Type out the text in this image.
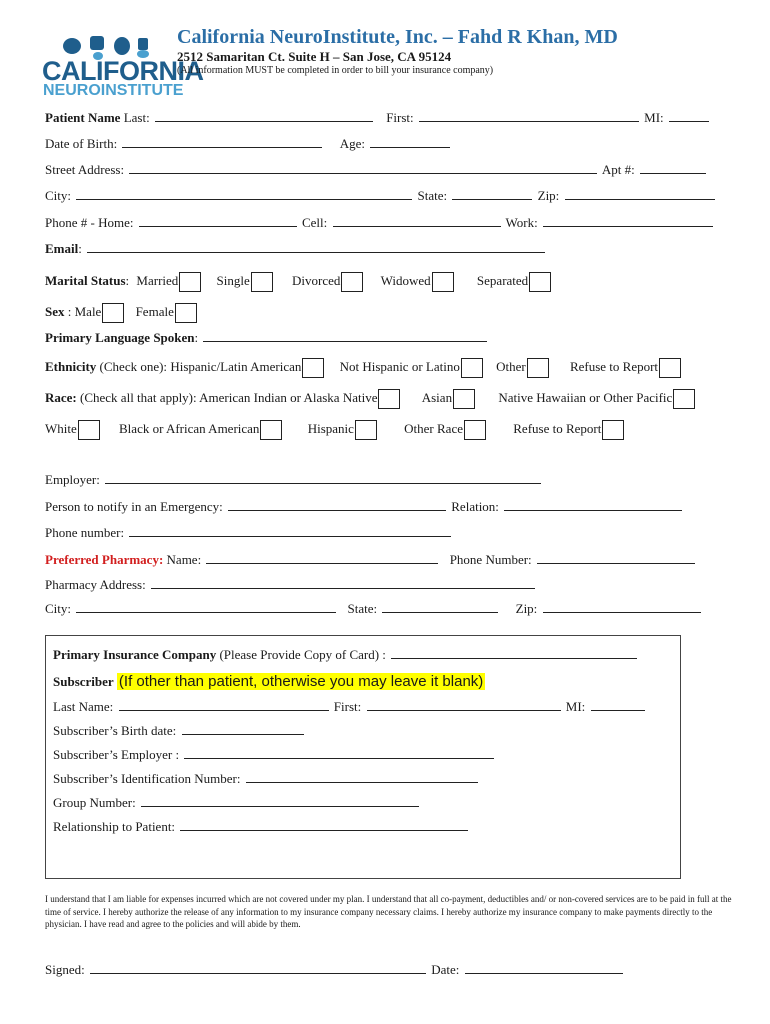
CALIFORNIA
NEUROINSTITUTE
California NeuroInstitute, Inc. – Fahd R Khan, MD
2512 Samaritan Ct. Suite H – San Jose, CA 95124
(All information MUST be completed in order to bill your insurance company)
Patient Name Last:	First:	MI:
Date of Birth:	Age:
Street Address:	Apt #:
City:	State:	Zip:
Phone # - Home:	Cell:	Work:
Email:
Marital Status: Married	Single	Divorced	Widowed	Separated
Sex : Male	Female
Primary Language Spoken:
Ethnicity (Check one): Hispanic/Latin American	Not Hispanic or Latino	Other	Refuse to Report
Race: (Check all that apply): American Indian or Alaska Native	Asian	Native Hawaiian or Other Pacific
White	Black or African American	Hispanic	Other Race	Refuse to Report
Employer:
Person to notify in an Emergency:	Relation:
Phone number:
Preferred Pharmacy: Name:	Phone Number:
Pharmacy Address:
City:	State:	Zip:
Primary Insurance Company (Please Provide Copy of Card) :
Subscriber (If other than patient, otherwise you may leave it blank)
Last Name:	First:	MI:
Subscriber’s Birth date:
Subscriber’s Employer :
Subscriber’s Identification Number:
Group Number:
Relationship to Patient:
I understand that I am liable for expenses incurred which are not covered under my plan. I understand that all co-payment, deductibles and/ or non-covered services are to be paid in full at the time of service. I hereby authorize the release of any information to my insurance company necessary claims. I hereby authorize my insurance company to make payments directly to the physician. I have read and agree to the policies and will abide by them.
Signed:	Date:
